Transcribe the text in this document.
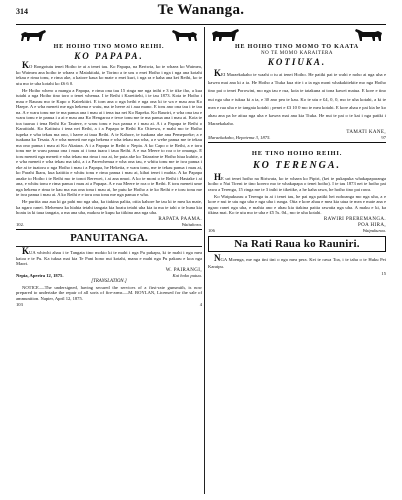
314	Te Wananga.
HE HOIHO TINO MOMO REIHI.
KO PAPAPA.

KO Rongotutu tenei Hoiho te ai a tenei tau. Ko Papapa, na Beriwia, ko te whaea ko Waimea, ko Waimea ana hoiho te whaea o Matakitaki, te Torino a te uru o enei Hoiho i nga i nga ana kotahi tekau e rima tonu, e rima ake, a kaiore kaua ko mate o enei kuri, i nga ra e kaha ana kei Reihi, ko te utu mo te uha kotahi ko £6 6 0.

He Hoiho whero a mangu a Papapa, e rima ona tau 15 ringa me nga inihi e 3 te tike iho, a kua tutahi a nga Hoiho tino toro o tenei whenua. I te Reihi i Karetitehi, i te tau 1873. Koia te Hoiho i mau e Raurau mo te Kapo o Kairekitiri. E torn ana o nga heihi e nga ona ki te wa e mau ana Ko Haepe. A e wha meneti me nga hekena e waiu, ma te heere ai i aua mano. E toru ano ona tau i te tau na. A e waru tonu me te ma panua ana i mau ai i tena tua nei Ko Rapeka. Ko Rauriri, e wha ona tau e waru tonu e te panua i a ai e mau ana Ko Hengaroa e tewe tonu me te ma panua ana i mau ai. Koia te toa tuarua i tena Reihi Ko Tautere, e waru tonu e iwa panua e i mau ai. A i a Papapa te Reihi o Karatitahi. Ko Katitutu i tena nei Reihi, a i a Papapa te Reihi Ko Otirewa, e mahi mo te Hoiho tupeka e wha tekau ma ono, i haere ai taua Reihi. A te Kahore, te tuakana ake ana Pemepoeke; a e tuakana ko Tesata. A e wha meneti me nga hekena e wha tekau ma wha, a e wehe panua me te tekau ma ono panua i mau ai Ko Akatara. A i a Papapa te Reihi o Nepia. A ko Capo o te Reihi, a e toru tonu me te waru panua ona i mau ai i tona tuara i taua Reihi. A e rua Meere to roa o te omanga. E toru meneti nga meneti e wha tekau ma rima i roa ai, he puta ake ko Tataraine te Hoiho hiua kuhite, a e wha meneti e wha tekau ma tahi, a i a Parewhenua e wha ona tau, e whitu tonu me te iwa panua i eke ai te tuatoru o nga Hoiho i mau i a Papapa, he Heketia, e waru tonu, me te tekau panua i mau ai, ko Parahi Ikaru, kua kaititia e whitu tonu e rima panua i mau ai, kihai tenei i mahia. A ko Papapa anake to Hoiho i te Reihi mo te tonoi Rerewei, i ai ana nmoi. A ko te moni o te Reihi i Hastake i ai ana, e whitu tonu e rima panua i mau ai a Papapa. A e rua Meere te roa o te Reihi. E toru meneti ume nga hekena e rima te kau ma rua ona tona i mau ai, he putu ke Hoiho a te ko Reihi e e toru tonu me te iwa panua i mau ai. A ko Reihi e e toru ona tonu me nga panua e wha.

He puritia aua aua ki ga pahi mo nga uha, ka tiakina palita, otiia kahore he tau ki te mea ka mate, ka ngaro ranei. Mehemea ka hiahia tetahi tangata kia hoatu tetahi uha kia ia ma te tahi o te huna kia hoatu ia ki taua tangata, a ma ana uha, makou te kupu ka tiikina ana nga uha.

RAPATA PAAMA.
102.	Waitahora.
PANUITANGA.
KUA whiwhi ahau i te Tangata tino mokio ki te mahi i nga Pu pakapu, ki te mahi i nga mea katoa e te Pu. Ka tukua mai kia Te Pani hono nui kotahi, mana e mahi nga Pu pakaru e koa nga Maori.
W. PAIRANGI,
Nepia, Aperira 12, 1875.	Kai hoko putuu.
[TRANSLATION.]
NOTICE.—The undersigned, having secured the services of a first-rate gunsmith, is now prepared to undertake the repair of all sorts of fire-arms.—M. BOYLAN, Licensed for the sale of ammunition. Napier, April 12, 1875.
103	4
HE HOIHO TINO MOMO TO KAATA
NO TE MOMO KARAITERA
KOTIUKA.

KEI Maraekakaho te waahi o tu ai tenei Hoiho. He patiki pai te wahi e noho ai nga uha e kawea mai ana ki a ia. He Hoiho a Tiuka kua rite i a ia nga moni whakakitekite mo nga Hoiho tino pai o tenei Porowini, mo nga tau e rua, koia te tatakuna ai tona kawei matua. E kore e tino nui nga uha e tukua ki a ia, e 30 ano pea te kau. Ko te utu e £4, 0, 0, mo te uha kotahi, a ki te mea e rua uha e te tangata kotahi ; penei e £3 10 0 mo te mea kotahi. E kore ahau e pai kia he ko ahau ana pa he aitua nga uha e kawea mai ana kia Tiuka. He nui te pai o te kai i nga patiki i Maraekakaho.

TAMATI KANE,
Maraekakaho, Hepetema 3, 1875.	97
HE TINO HOIHO REIHI.
KO TERENGA.

HE uri tenei hoiho na Ririwata, ko te whaea ko Pipiri, (kei te pukapuka whakapaparanga hoiho o Nui Tireni te tino korero mo te whakapapa o tenei hoiho). I te tau 1873 nei te hoiho pai rawa a Terenga, 15 ringa me te 3 inihi te tiketike, a he kaha rawa, he hoiho tino pai rawa.

Ko Waipukurau a Terenga tu ai i tenei tau, he pai nga patiki hei nohoanga mo nga uha, a e kore e nui te utu nga uha e nga uha i runga. Otia e kore ahau e mea kia utua te mea e mate ana e ngaro ranei nga uha, e mahia ano e ahau kia tiakina paitia rawatia nga uha. A maku e ki, ka tikina mai. Ko te utu mo te uha e £5 5s. 0d., mo te uha kotahi.

RAWIRI PREREMANGA.
POA HIRA,
106	Waipukurau.
Na Rati Raua ko Rauniri.
NGA Moenga, me nga tini tini o nga mea pera. Kei te rawa Toa, i te taha o te Huku Pei Karaipu.
15
